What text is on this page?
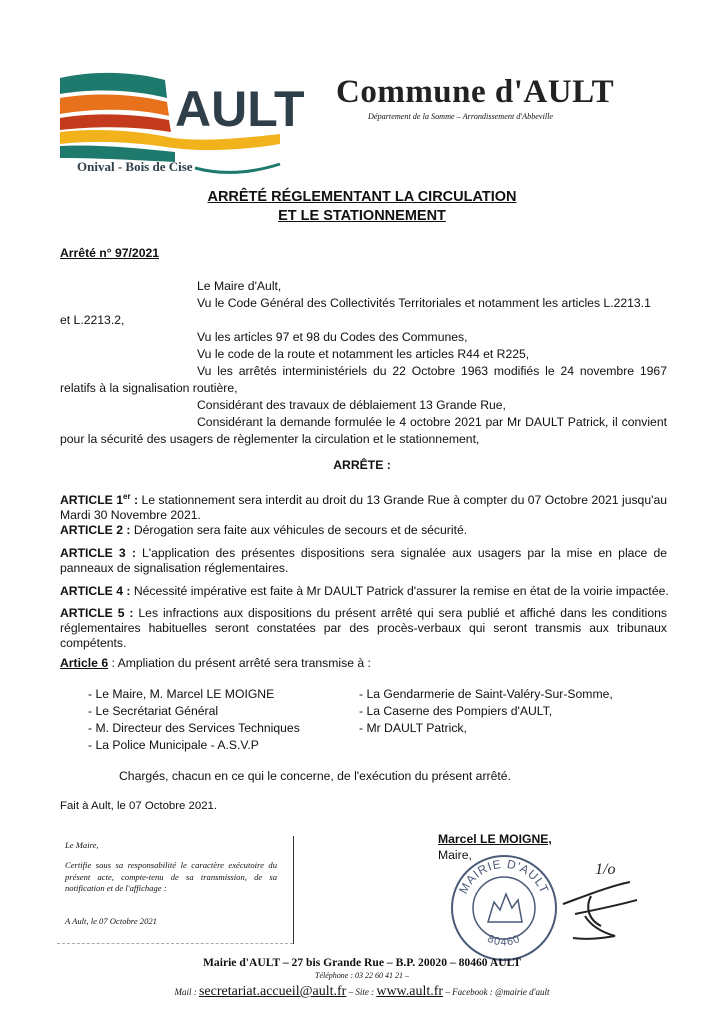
AULT
Onival - Bois de Cise
Commune d'AULT
Département de la Somme – Arrondissement d'Abbeville
ARRÊTÉ RÉGLEMENTANT LA CIRCULATION
ET LE STATIONNEMENT
Arrêté n° 97/2021
Le Maire d'Ault,
Vu le Code Général des Collectivités Territoriales et notamment les articles L.2213.1
et L.2213.2,
Vu les articles 97 et 98 du Codes des Communes,
Vu le code de la route et notamment les articles R44 et R225,
Vu les arrêtés interministériels du 22 Octobre 1963 modifiés le 24 novembre 1967
relatifs à la signalisation routière,
Considérant des travaux de déblaiement 13 Grande Rue,
Considérant la demande formulée le 4 octobre 2021 par Mr DAULT Patrick, il convient
pour la sécurité des usagers de règlementer la circulation et le stationnement,
ARRÊTE :
ARTICLE 1er : Le stationnement sera interdit au droit du 13 Grande Rue à compter du 07 Octobre 2021 jusqu'au Mardi 30 Novembre 2021.
ARTICLE 2 : Dérogation sera faite aux véhicules de secours et de sécurité.
ARTICLE 3 : L'application des présentes dispositions sera signalée aux usagers par la mise en place de panneaux de signalisation réglementaires.
ARTICLE 4 : Nécessité impérative est faite à Mr DAULT Patrick d'assurer la remise en état de la voirie impactée.
ARTICLE 5 : Les infractions aux dispositions du présent arrêté qui sera publié et affiché dans les conditions réglementaires habituelles seront constatées par des procès-verbaux qui seront transmis aux tribunaux compétents.
Article 6 : Ampliation du présent arrêté sera transmise à :
- Le Maire, M. Marcel LE MOIGNE
- Le Secrétariat Général
- M. Directeur des Services Techniques
- La Police Municipale - A.S.V.P
- La Gendarmerie de Saint-Valéry-Sur-Somme,
- La Caserne des Pompiers d'AULT,
- Mr DAULT Patrick,
Chargés, chacun en ce qui le concerne, de l'exécution du présent arrêté.
Fait à Ault, le 07 Octobre 2021.
Le Maire,
Certifie sous sa responsabilité le caractère exécutoire du présent acte, compte-tenu de sa transmission, de sa notification et de l'affichage :
A Ault, le 07 Octobre 2021
Marcel LE MOIGNE,
Maire,
MAIRIE D'AULT
80460
1/o
Mairie d'AULT – 27 bis Grande Rue – B.P. 20020 – 80460 AULT
Téléphone : 03 22 60 41 21 –
Mail : secretariat.accueil@ault.fr – Site : www.ault.fr – Facebook : @mairie d'ault
